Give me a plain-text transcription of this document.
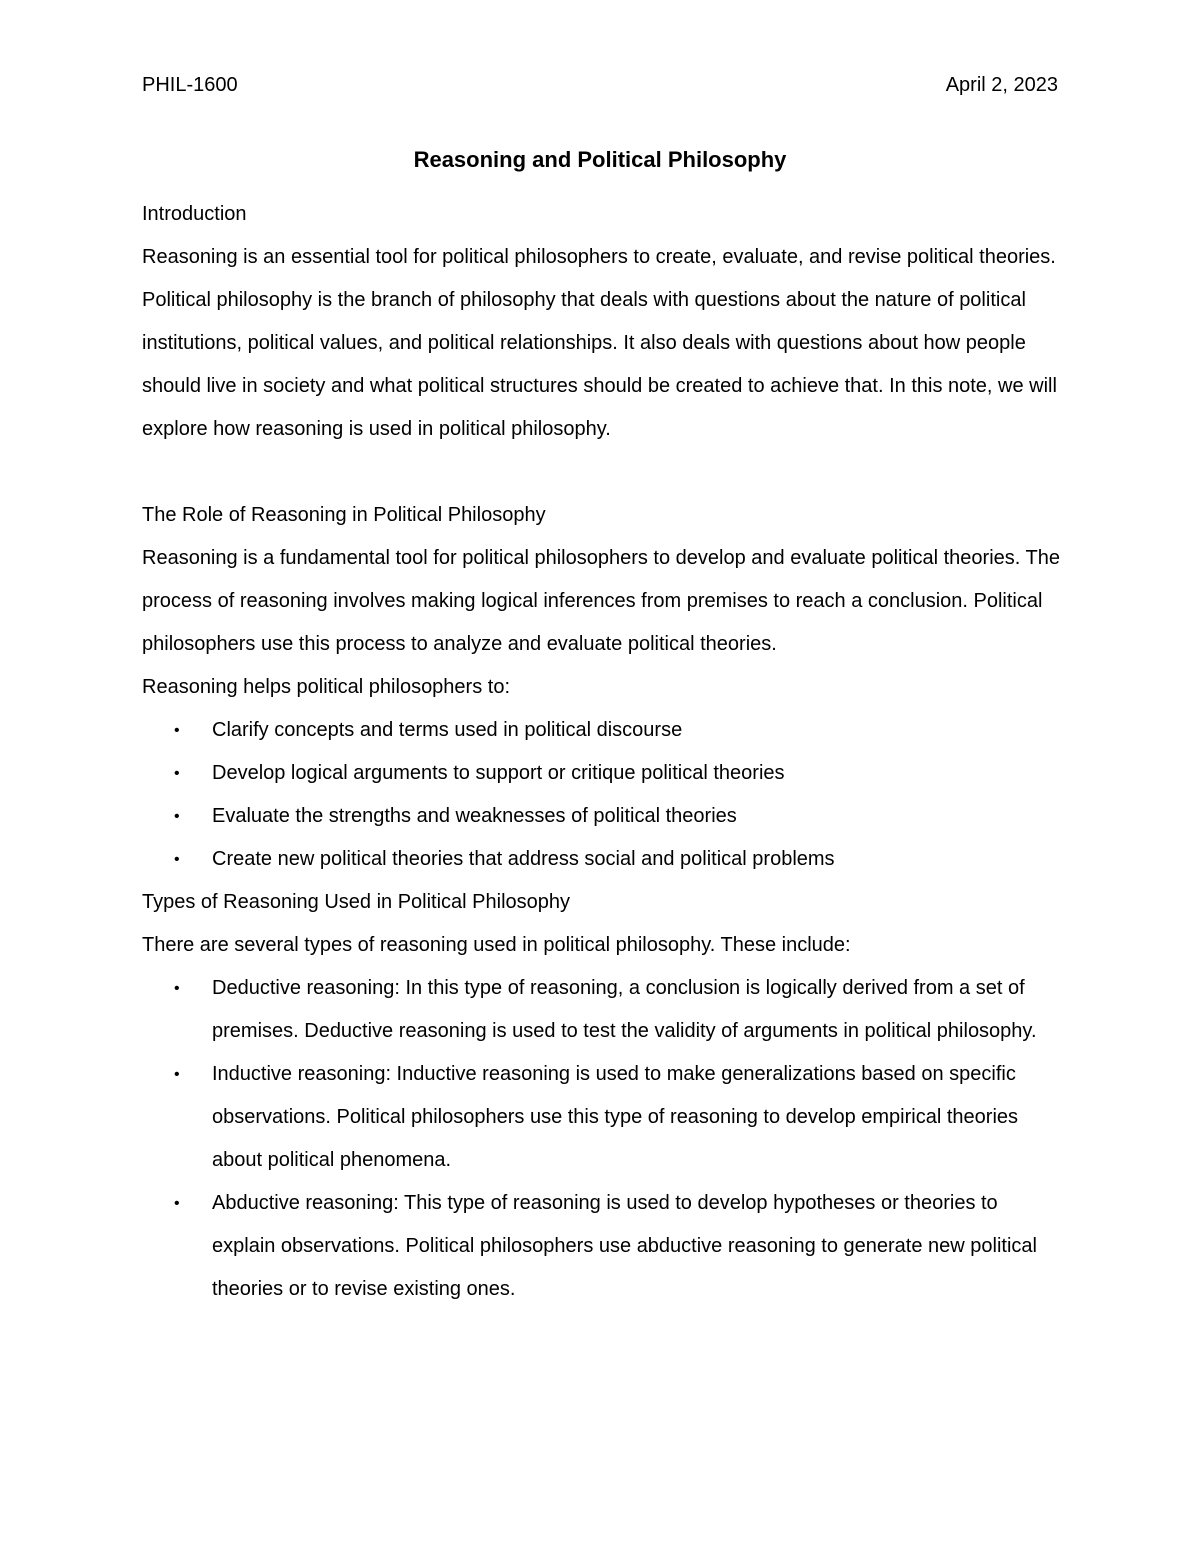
PHIL-1600	April 2, 2023
Reasoning and Political Philosophy

Introduction

Reasoning is an essential tool for political philosophers to create, evaluate, and revise political theories. Political philosophy is the branch of philosophy that deals with questions about the nature of political institutions, political values, and political relationships. It also deals with questions about how people should live in society and what political structures should be created to achieve that. In this note, we will explore how reasoning is used in political philosophy.

The Role of Reasoning in Political Philosophy

Reasoning is a fundamental tool for political philosophers to develop and evaluate political theories. The process of reasoning involves making logical inferences from premises to reach a conclusion. Political philosophers use this process to analyze and evaluate political theories.

Reasoning helps political philosophers to:

• Clarify concepts and terms used in political discourse
• Develop logical arguments to support or critique political theories
• Evaluate the strengths and weaknesses of political theories
• Create new political theories that address social and political problems

Types of Reasoning Used in Political Philosophy

There are several types of reasoning used in political philosophy. These include:

• Deductive reasoning: In this type of reasoning, a conclusion is logically derived from a set of premises. Deductive reasoning is used to test the validity of arguments in political philosophy.
• Inductive reasoning: Inductive reasoning is used to make generalizations based on specific observations. Political philosophers use this type of reasoning to develop empirical theories about political phenomena.
• Abductive reasoning: This type of reasoning is used to develop hypotheses or theories to explain observations. Political philosophers use abductive reasoning to generate new political theories or to revise existing ones.
